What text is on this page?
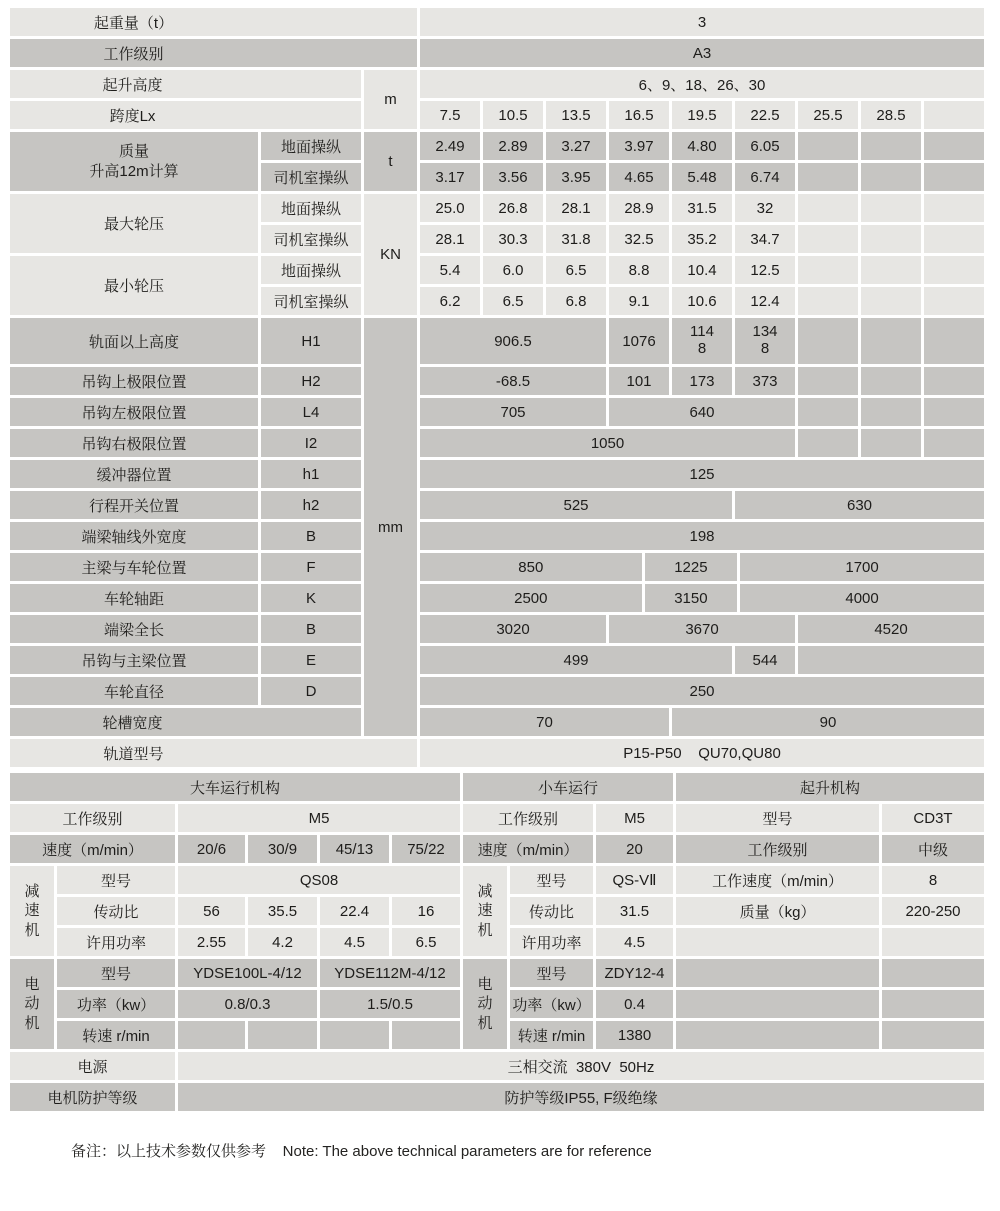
起重量（t）			3								
工作级别			A3								
起升高度		m	6、9、18、26、30								
跨度Lx			7.5	10.5	13.5	16.5	19.5	22.5	25.5	28.5	

质量
升高12m计算	地面操纵	t	2.49	2.89	3.27	3.97	4.80	6.05			
	司机室操纵		3.17	3.56	3.95	4.65	5.48	6.74			
最大轮压	地面操纵	KN	25.0	26.8	28.1	28.9	31.5	32			
	司机室操纵		28.1	30.3	31.8	32.5	35.2	34.7			
最小轮压	地面操纵		5.4	6.0	6.5	8.8	10.4	12.5			
	司机室操纵		6.2	6.5	6.8	9.1	10.6	12.4			
轨面以上高度	H1	mm	906.5			1076	1148	1348			
吊钩上极限位置	H2		-68.5			101	173	373			
吊钩左极限位置	L4		705			640					
吊钩右极限位置	I2		1050								
缓冲器位置	h1		125								
行程开关位置	h2		525					630			
端梁轴线外宽度	B		198								
主梁与车轮位置	F		850 1225 1700								

车轮轴距	K		2500 3150 4000								

端梁全长	B		3020			3670			4520		
吊钩与主梁位置	E		499					544			
车轮直径	D		250								
轮槽宽度			70				90				
轨道型号			P15-P50    QU70,QU80								
大车运行机构						小车运行			起升机构	
工作级别		M5				工作级别		M5	型号	CD3T
速度（m/min）		20/6	30/9	45/13	75/22	速度（m/min）		20	工作级别	中级
减速机	型号	QS08				减速机	型号	QS-VⅡ	工作速度（m/min）	8
	传动比	56	35.5	22.4	16		传动比	31.5	质量（kg）	220-250
	许用功率	2.55	4.2	4.5	6.5		许用功率	4.5		
电动机	型号	YDSE100L-4/12		YDSE112M-4/12		电动机	型号	ZDY12-4		
	功率（kw）	0.8/0.3		1.5/0.5			功率（kw）	0.4		
	转速 r/min						转速 r/min	1380		
电源		三相交流  380V  50Hz								
电机防护等级		防护等级IP55, F级绝缘								
备注：以上技术参数仅供参考    Note: The above technical parameters are for reference
